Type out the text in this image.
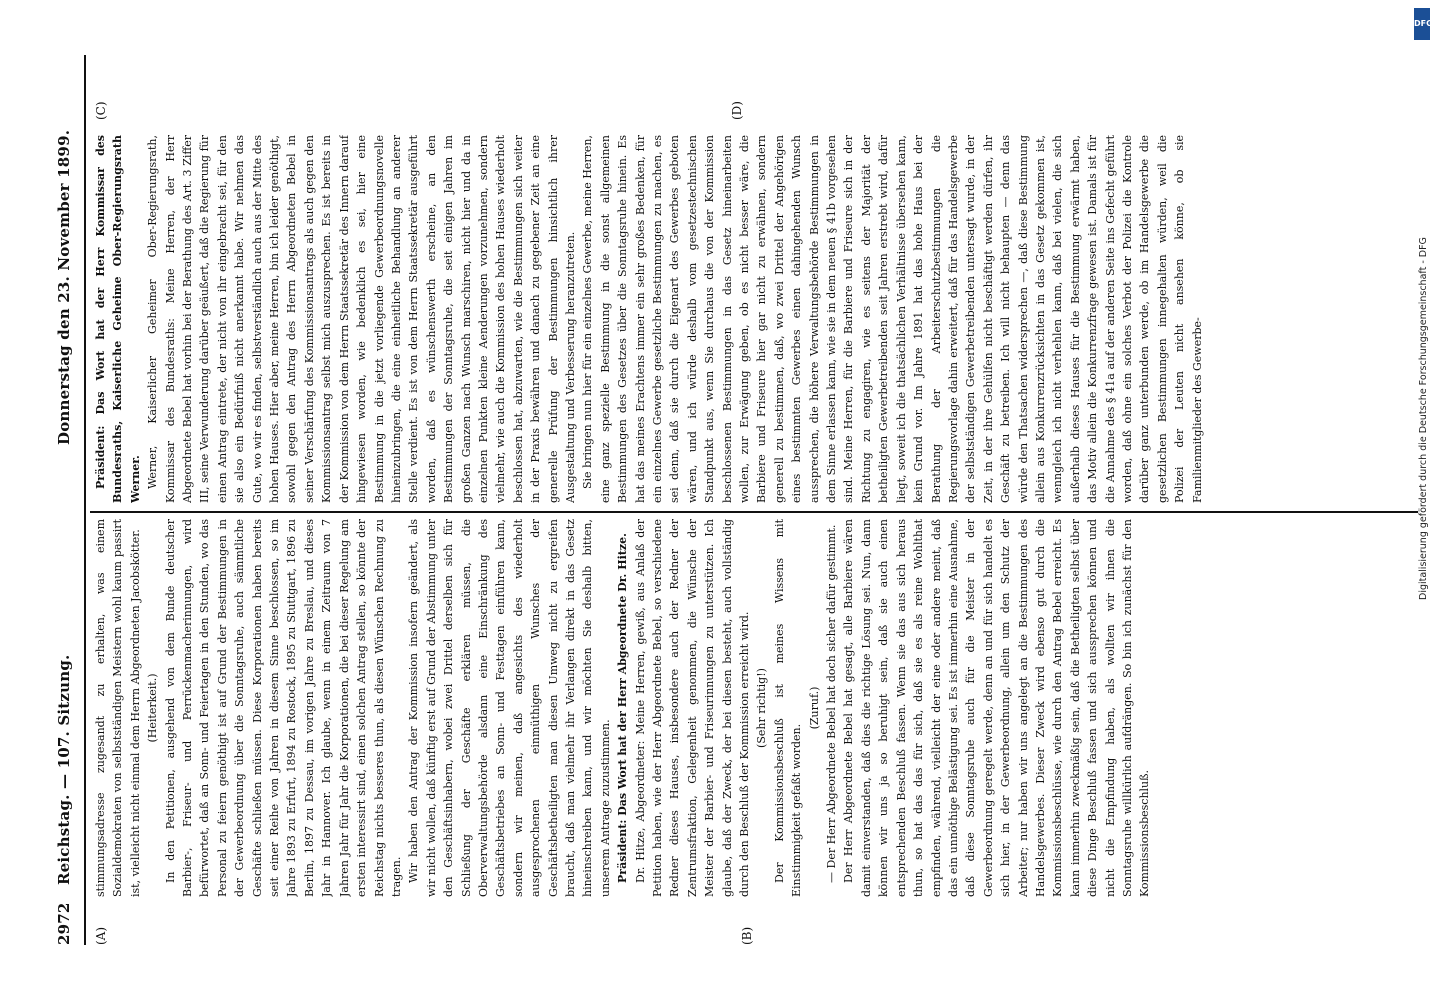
2972
Reichstag. — 107. Sitzung.
Donnerstag den 23. November 1899.
(A)	(B)
(C)	(D)

stimmungsadresse zugesandt zu erhalten, was einem Sozialdemokraten von selbstständigen Meistern wohl kaum passirt ist, vielleicht nicht einmal dem Herrn Abgeordneten Jacobskötter. (Heiterkeit.) In den Petitionen, ausgehend von dem Bunde deutscher Barbier-, Friseur- und Perrückenmacherinnungen, wird befürwortet, daß an Sonn- und Feiertagen in den Stunden, wo das Personal zu feiern genöthigt ist auf Grund der Bestimmungen in der Gewerbeordnung über die Sonntagsruhe, auch sämmtliche Geschäfte schließen müssen. Diese Korporationen haben bereits seit einer Reihe von Jahren in diesem Sinne beschlossen, so im Jahre 1893 zu Erfurt, 1894 zu Rostock, 1895 zu Stuttgart, 1896 zu Berlin, 1897 zu Dessau, im vorigen Jahre zu Breslau, und dieses Jahr in Hannover. Ich glaube, wenn in einem Zeitraum von 7 Jahren Jahr für Jahr die Korporationen, die bei dieser Regelung am ersten interessirt sind, einen solchen Antrag stellen, so könnte der Reichstag nichts besseres thun, als diesen Wünschen Rechnung zu tragen. Wir haben den Antrag der Kommission insofern geändert, als wir nicht wollen, daß künftig erst auf Grund der Abstimmung unter den Geschäftsinhabern, wobei zwei Drittel derselben sich für Schließung der Geschäfte erklären müssen, die Oberverwaltungsbehörde alsdann eine Einschränkung des Geschäftsbetriebes an Sonn- und Festtagen einführen kann, sondern wir meinen, daß angesichts des wiederholt ausgesprochenen einmüthigen Wunsches der Geschäftsbetheiligten man diesen Umweg nicht zu ergreifen braucht, daß man vielmehr ihr Verlangen direkt in das Gesetz hineinschreiben kann, und wir möchten Sie deshalb bitten, unserem Antrage zuzustimmen. Präsident: Das Wort hat der Herr Abgeordnete Dr. Hitze. Dr. Hitze, Abgeordneter: Meine Herren, gewiß, aus Anlaß der Petition haben, wie der Herr Abgeordnete Bebel, so verschiedene Redner dieses Hauses, insbesondere auch der Redner der Zentrumsfraktion, Gelegenheit genommen, die Wünsche der Meister der Barbier- und Friseurinnungen zu unterstützen. Ich glaube, daß der Zweck, der bei diesen besteht, auch vollständig durch den Beschluß der Kommission erreicht wird. (Sehr richtig!) Der Kommissionsbeschluß ist meines Wissens mit Einstimmigkeit gefaßt worden.

(Zuruf.) — Der Herr Abgeordnete Bebel hat doch sicher dafür gestimmt. Der Herr Abgeordnete Bebel hat gesagt, alle Barbiere wären damit einverstanden, daß dies die richtige Lösung sei. Nun, dann können wir uns ja so beruhigt sein, daß sie auch einen entsprechenden Beschluß fassen. Wenn sie das aus sich heraus thun, so hat das das für sich, daß sie es als reine Wohlthat empfinden, während, vielleicht der eine oder andere meint, daß das ein unnöthige Belästigung sei. Es ist immerhin eine Ausnahme, daß diese Sonntagsruhe auch für die Meister in der Gewerbeordnung geregelt werde, denn an und für sich handelt es sich hier, in der Gewerbeordnung, allein um den Schutz der Arbeiter; nur haben wir uns angelegt an die Bestimmungen des Handelsgewerbes. Dieser Zweck wird ebenso gut durch die Kommissionsbeschlüsse, wie durch den Antrag Bebel erreicht. Es kann immerhin zweckmäßig sein, daß die Betheiligten selbst über diese Dinge Beschluß fassen und sich aussprechen können und nicht die Empfindung haben, als wollten wir ihnen die Sonntagsruhe willkürlich aufdrängen. So bin ich zunächst für den Kommissionsbeschluß.

Präsident: Das Wort hat der Herr Kommissar des Bundesraths, Kaiserliche Geheime Ober-Regierungsrath Werner. Werner, Kaiserlicher Geheimer Ober-Regierungsrath, Kommissar des Bundesraths: Meine Herren, der Herr Abgeordnete Bebel hat vorhin bei der Berathung des Art. 3 Ziffer III, seine Verwunderung darüber geäußert, daß die Regierung für einen Antrag eintrete, der nicht von ihr eingebracht sei, für den sie also ein Bedürfniß nicht anerkannt habe. Wir nehmen das Gute, wo wir es finden, selbstverständlich auch aus der Mitte des hohen Hauses. Hier aber, meine Herren, bin ich leider genöthigt, sowohl gegen den Antrag des Herrn Abgeordneten Bebel in seiner Verschärfung des Kommissionsantrags als auch gegen den Kommissionsantrag selbst mich auszusprechen. Es ist bereits in der Kommission von dem Herrn Staatssekretär des Innern darauf hingewiesen worden, wie bedenklich es sei, hier eine Bestimmung in die jetzt vorliegende Gewerbeordnungsnovelle hineinzubringen, die eine einheitliche Behandlung an anderer Stelle verdient. Es ist von dem Herrn Staatssekretär ausgeführt worden, daß es wünschenswerth erscheine, an den Bestimmungen der Sonntagsruhe, die seit einigen Jahren im großen Ganzen nach Wunsch marschiren, nicht hier und da in einzelnen Punkten kleine Aenderungen vorzunehmen, sondern vielmehr, wie auch die Kommission des hohen Hauses wiederholt beschlossen hat, abzuwarten, wie die Bestimmungen sich weiter in der Praxis bewähren und danach zu gegebener Zeit an eine generelle Prüfung der Bestimmungen hinsichtlich ihrer Ausgestaltung und Verbesserung heranzutreten. Sie bringen nun hier für ein einzelnes Gewerbe, meine Herren, eine ganz spezielle Bestimmung in die sonst allgemeinen Bestimmungen des Gesetzes über die Sonntagsruhe hinein. Es hat das meines Erachtens immer ein sehr großes Bedenken, für ein einzelnes Gewerbe gesetzliche Bestimmungen zu machen, es sei denn, daß sie durch die Eigenart des Gewerbes geboten wären, und ich würde deshalb vom gesetzestechnischen Standpunkt aus, wenn Sie durchaus die von der Kommission beschlossenen Bestimmungen in das Gesetz hineinarbeiten wollen, zur Erwägung geben, ob es nicht besser wäre, die Barbiere und Friseure hier gar nicht zu erwähnen, sondern generell zu bestimmen, daß, wo zwei Drittel der Angehörigen eines bestimmten Gewerbes einen dahingehenden Wunsch aussprechen, die höhere Verwaltungsbehörde Bestimmungen in dem Sinne erlassen kann, wie sie in dem neuen § 41b vorgesehen sind. Meine Herren, für die Barbiere und Friseure sich in der Richtung zu engagiren, wie es seitens der Majorität der betheiligten Gewerbetreibenden seit Jahren erstrebt wird, dafür liegt, soweit ich die thatsächlichen Verhältnisse übersehen kann, kein Grund vor. Im Jahre 1891 hat das hohe Haus bei der Berathung der Arbeiterschutzbestimmungen die Regierungsvorlage dahin erweitert, daß für das Handelsgewerbe der selbstständigen Gewerbetreibenden untersagt wurde, in der Zeit, in der ihre Gehülfen nicht beschäftigt werden dürfen, ihr Geschäft zu betreiben. Ich will nicht behaupten — denn das würde den Thatsachen widersprechen —, daß diese Bestimmung allein aus Konkurrenzrücksichten in das Gesetz gekommen ist, wenngleich ich nicht verhehlen kann, daß bei vielen, die sich außerhalb dieses Hauses für die Bestimmung erwärmt haben, das Motiv allein die Konkurrenzfrage gewesen ist. Damals ist für die Annahme des § 41a auf der anderen Seite ins Gefecht geführt worden, daß ohne ein solches Verbot der Polizei die Kontrole darüber ganz unterbunden werde, ob im Handelsgewerbe die gesetzlichen Bestimmungen innegehalten würden, weil die Polizei der Leuten nicht ansehen könne, ob sie Familienmitglieder des Gewerbe-

DFG
Digitalisierung gefördert durch die Deutsche Forschungsgemeinschaft - DFG
